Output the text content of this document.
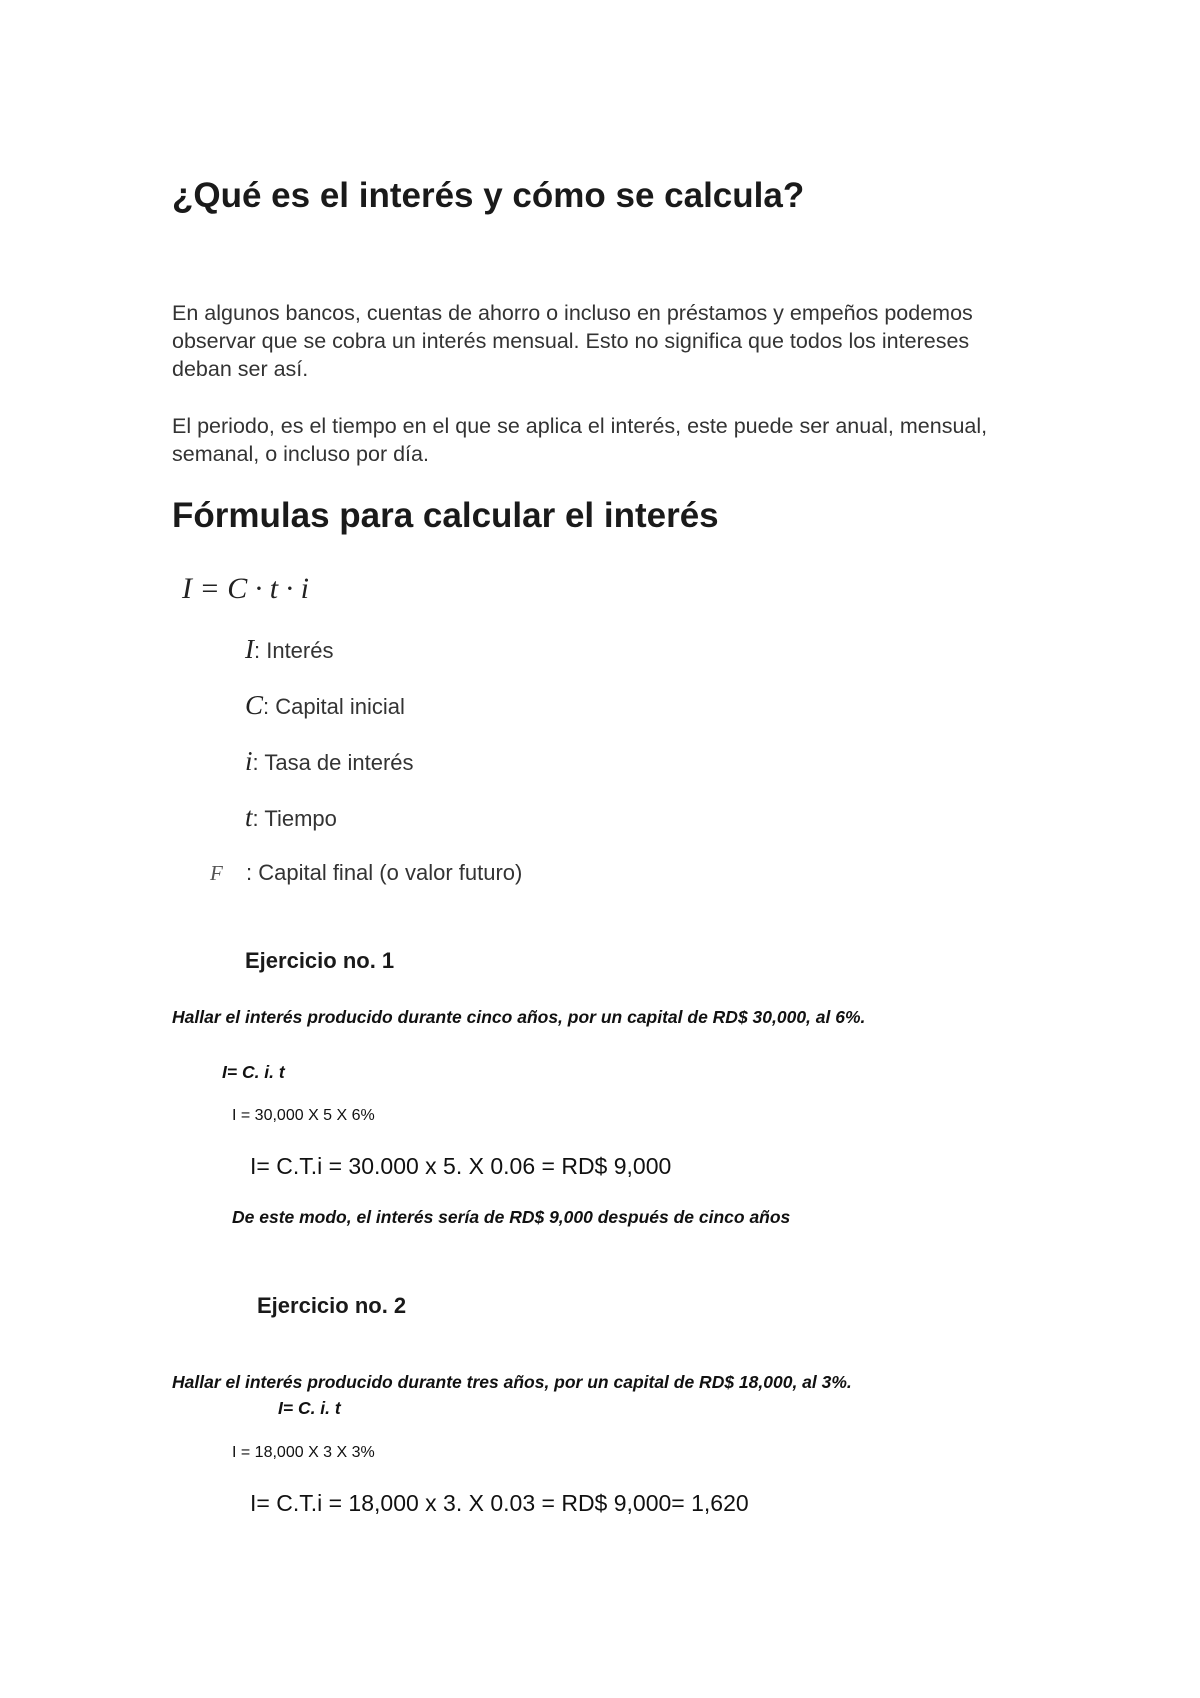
¿Qué es el interés y cómo se calcula?
En algunos bancos, cuentas de ahorro o incluso en préstamos y empeños podemos observar que se cobra un interés mensual. Esto no significa que todos los intereses deban ser así.
El periodo, es el tiempo en el que se aplica el interés, este puede ser anual, mensual, semanal, o incluso por día.
Fórmulas para calcular el interés
I = C · t · i
I: Interés
C: Capital inicial
i: Tasa de interés
t: Tiempo
F : Capital final (o valor futuro)
Ejercicio no. 1
Hallar el interés producido durante cinco años, por un capital de RD$ 30,000, al 6%.
I= C. i. t
I = 30,000 X 5 X 6%
I= C.T.i = 30.000 x 5. X 0.06 = RD$ 9,000
De este modo, el interés sería de RD$ 9,000 después de cinco años
Ejercicio no. 2
Hallar el interés producido durante tres años, por un capital de RD$ 18,000, al 3%.
I= C. i. t
I = 18,000 X 3 X 3%
I= C.T.i = 18,000 x 3. X 0.03 = RD$ 9,000= 1,620
